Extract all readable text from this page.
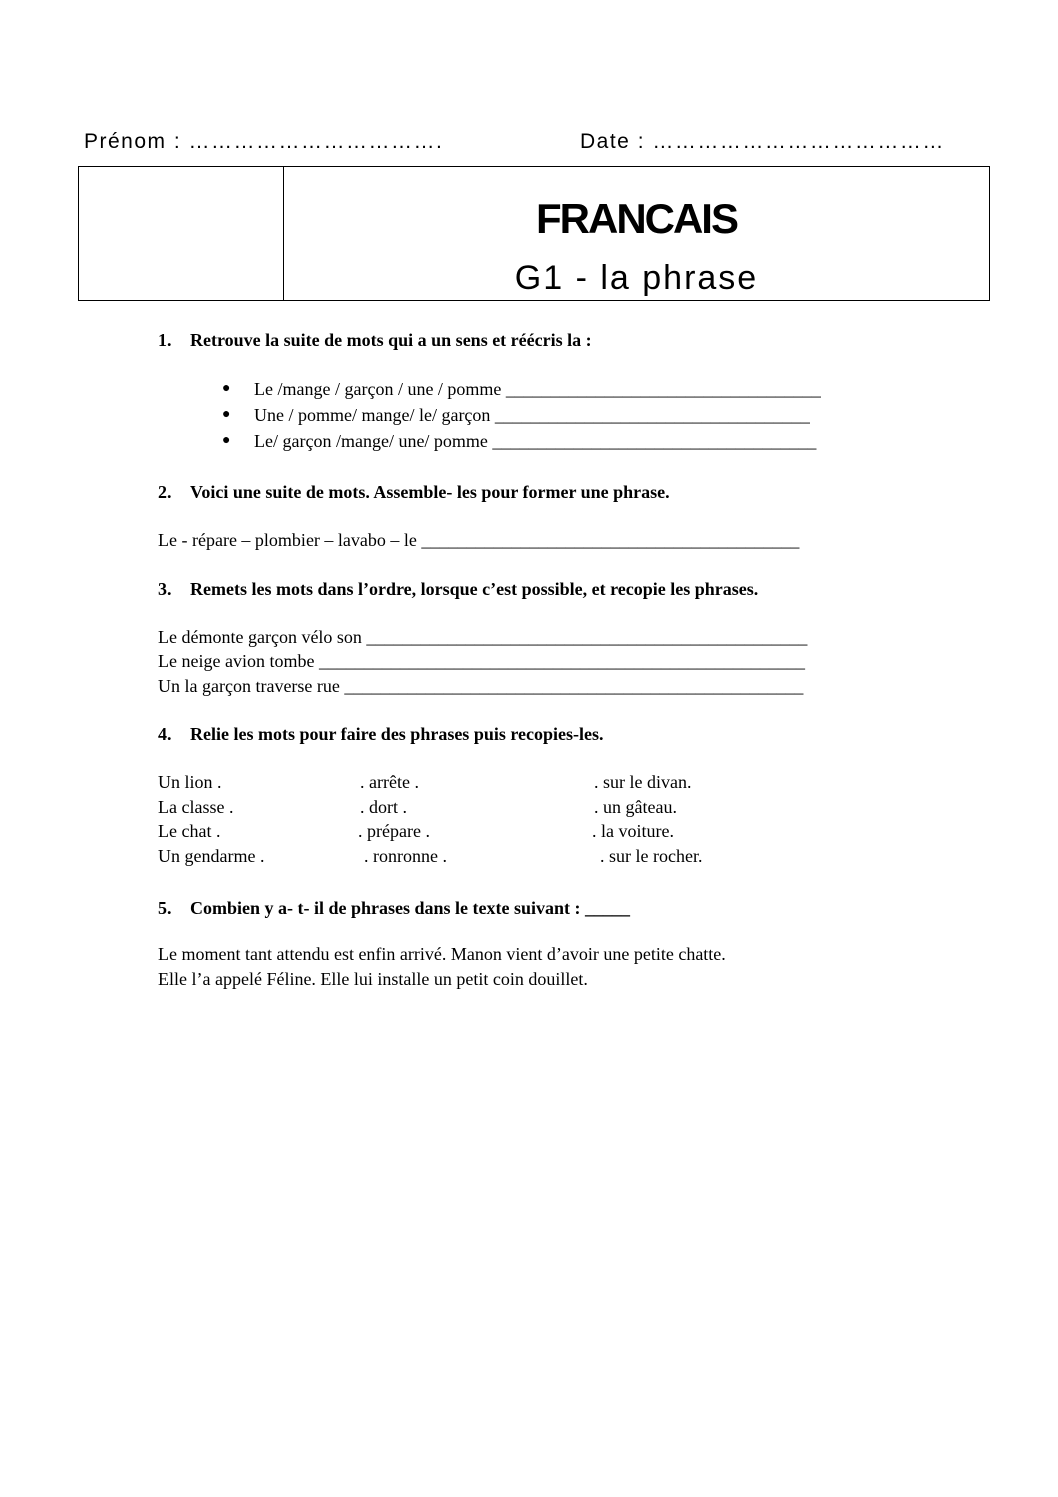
Prénom : …………………………….	Date : …………………………………
FRANCAIS
G1 - la phrase

1. Retrouve la suite de mots qui a un sens et réécris la :

● Le /mange / garçon / une / pomme ___________________________________
● Une / pomme/ mange/ le/ garçon ___________________________________
● Le/ garçon /mange/ une/ pomme ____________________________________

2. Voici une suite de mots. Assemble- les pour former une phrase.

Le - répare – plombier – lavabo – le __________________________________________

3. Remets les mots dans l’ordre, lorsque c’est possible, et recopie les phrases.

Le démonte garçon vélo son _________________________________________________

Le neige avion tombe ______________________________________________________

Un la garçon traverse rue ___________________________________________________

4. Relie les mots pour faire des phrases puis recopies-les.

Un lion .	. arrête .	. sur le divan.
La classe .	. dort .	. un gâteau.
Le chat .	. prépare .	. la voiture.
Un gendarme .	. ronronne .	. sur le rocher.

5. Combien y a- t- il de phrases dans le texte suivant : _____

Le moment tant attendu est enfin arrivé. Manon vient d’avoir une petite chatte.

Elle l’a appelé Féline. Elle lui installe un petit coin douillet.
